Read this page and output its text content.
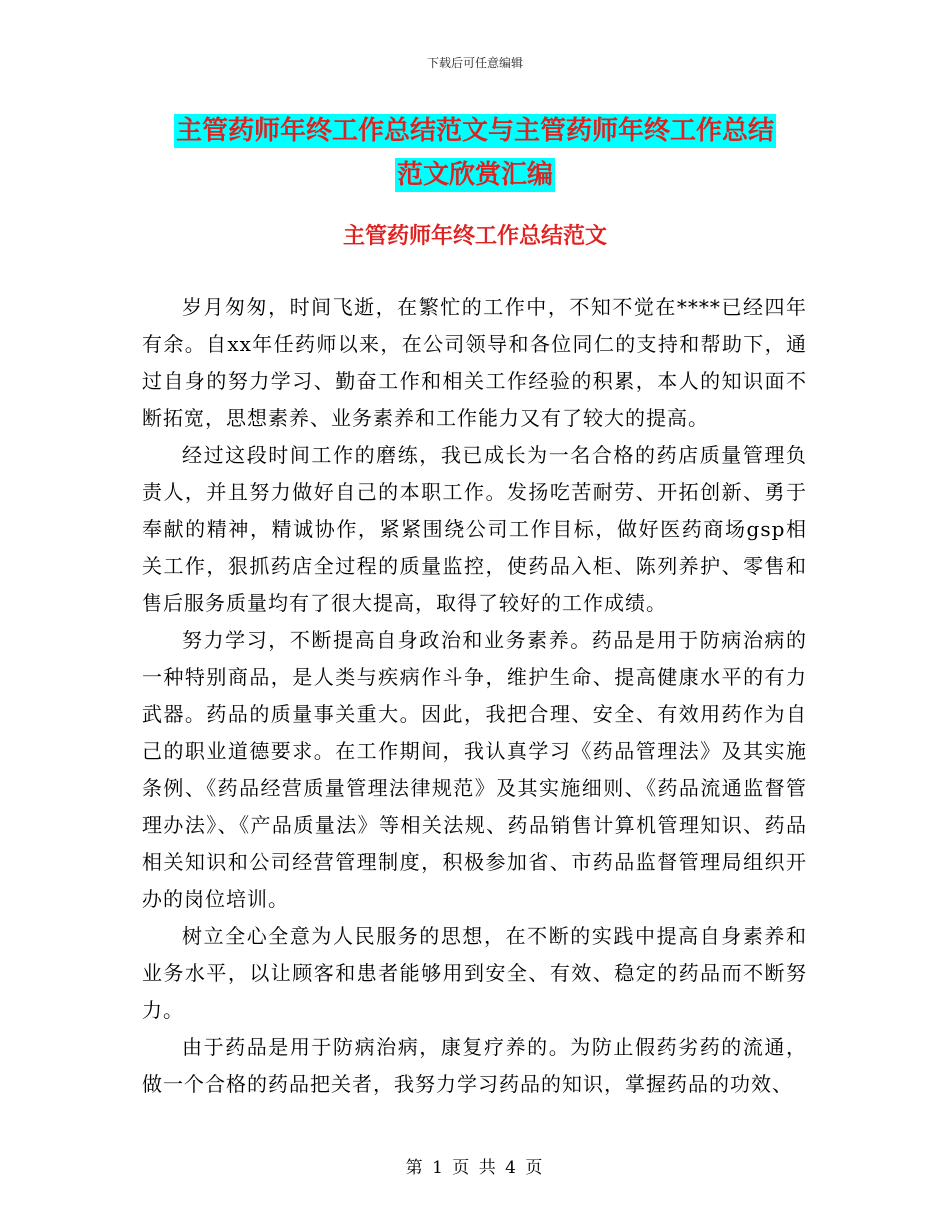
下载后可任意编辑
主管药师年终工作总结范文与主管药师年终工作总结
范文欣赏汇编
主管药师年终工作总结范文

岁月匆匆，时间飞逝，在繁忙的工作中，不知不觉在****已经四年有余。自xx年任药师以来，在公司领导和各位同仁的支持和帮助下，通过自身的努力学习、勤奋工作和相关工作经验的积累，本人的知识面不断拓宽，思想素养、业务素养和工作能力又有了较大的提高。

经过这段时间工作的磨练，我已成长为一名合格的药店质量管理负责人，并且努力做好自己的本职工作。发扬吃苦耐劳、开拓创新、勇于奉献的精神，精诚协作，紧紧围绕公司工作目标，做好医药商场gsp相关工作，狠抓药店全过程的质量监控，使药品入柜、陈列养护、零售和售后服务质量均有了很大提高，取得了较好的工作成绩。

努力学习，不断提高自身政治和业务素养。药品是用于防病治病的一种特别商品，是人类与疾病作斗争，维护生命、提高健康水平的有力武器。药品的质量事关重大。因此，我把合理、安全、有效用药作为自己的职业道德要求。在工作期间，我认真学习《药品管理法》及其实施条例、《药品经营质量管理法律规范》及其实施细则、《药品流通监督管理办法》、《产品质量法》等相关法规、药品销售计算机管理知识、药品相关知识和公司经营管理制度，积极参加省、市药品监督管理局组织开办的岗位培训。

树立全心全意为人民服务的思想，在不断的实践中提高自身素养和业务水平，以让顾客和患者能够用到安全、有效、稳定的药品而不断努力。

由于药品是用于防病治病，康复疗养的。为防止假药劣药的流通，做一个合格的药品把关者，我努力学习药品的知识，掌握药品的功效、

第 1 页 共 4 页
